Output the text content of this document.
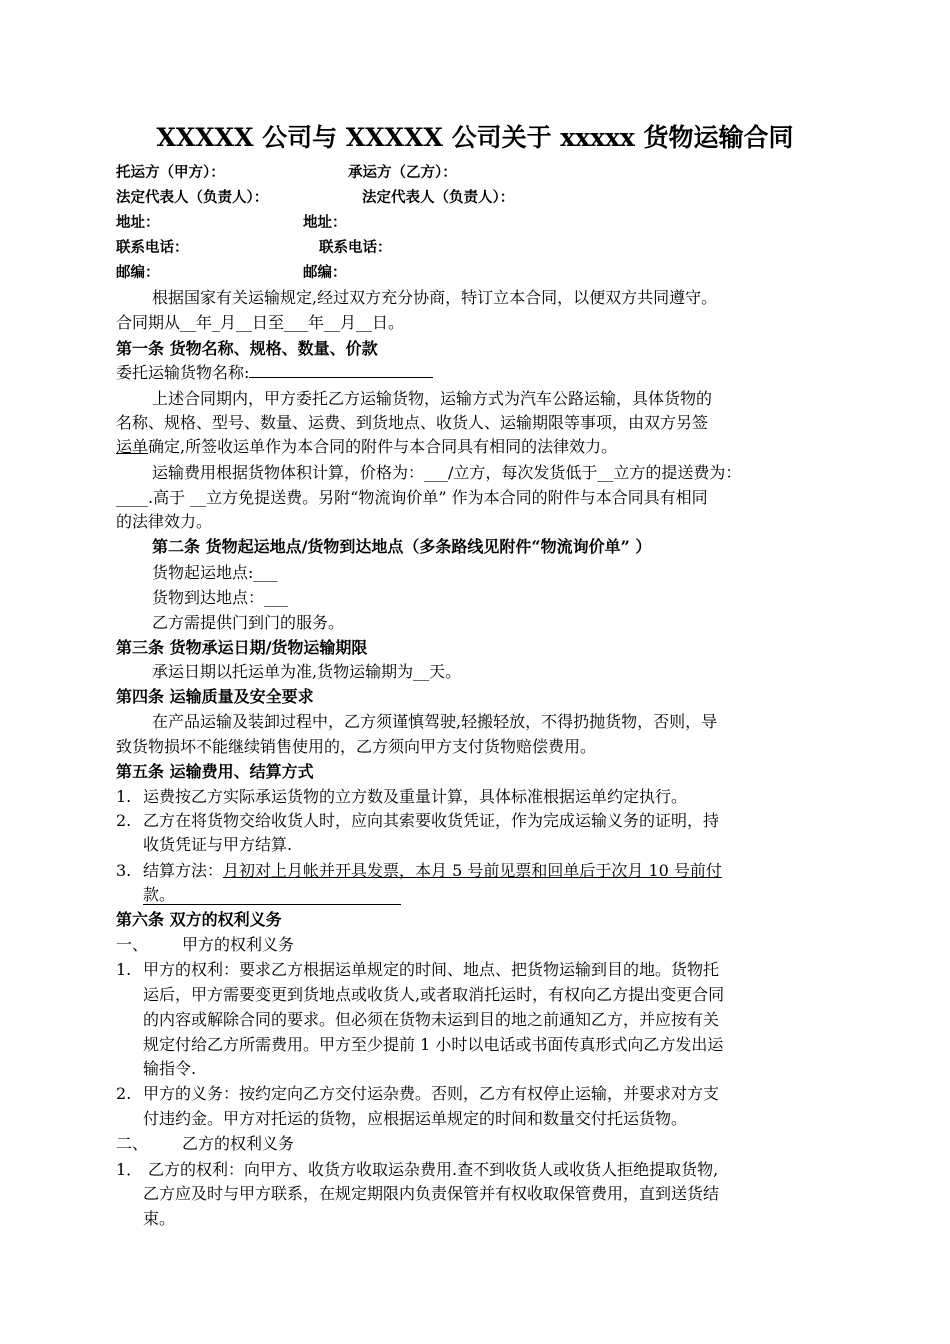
XXXXX 公司与 XXXXX 公司关于 xxxxx 货物运输合同
托运方（甲方）：	承运方（乙方）：
法定代表人（负责人）：	法定代表人（负责人）：
地址：	地址：
联系电话：	联系电话：
邮编：	邮编：
根据国家有关运输规定,经过双方充分协商，特订立本合同，以便双方共同遵守。
合同期从__年_月__日至___年__月__日。
第一条 货物名称、规格、数量、价款
委托运输货物名称:
上述合同期内，甲方委托乙方运输货物，运输方式为汽车公路运输，具体货物的
名称、规格、型号、数量、运费、到货地点、收货人、运输期限等事项，由双方另签
运单确定,所签收运单作为本合同的附件与本合同具有相同的法律效力。
运输费用根据货物体积计算，价格为：___/立方，每次发货低于__立方的提送费为：
____.高于 __立方免提送费。另附“物流询价单” 作为本合同的附件与本合同具有相同
的法律效力。
第二条 货物起运地点/货物到达地点（多条路线见附件“物流询价单” ）
货物起运地点:___
货物到达地点：___
乙方需提供门到门的服务。
第三条 货物承运日期/货物运输期限
承运日期以托运单为准,货物运输期为__天。
第四条 运输质量及安全要求
在产品运输及装卸过程中，乙方须谨慎驾驶,轻搬轻放，不得扔抛货物，否则，导
致货物损坏不能继续销售使用的，乙方须向甲方支付货物赔偿费用。
第五条 运输费用、结算方式
1. 运费按乙方实际承运货物的立方数及重量计算，具体标准根据运单约定执行。
2. 乙方在将货物交给收货人时，应向其索要收货凭证，作为完成运输义务的证明，持
收货凭证与甲方结算.
3. 结算方法：月初对上月帐并开具发票，本月 5 号前见票和回单后于次月 10 号前付
款。
第六条 双方的权利义务
一、 甲方的权利义务
1. 甲方的权利：要求乙方根据运单规定的时间、地点、把货物运输到目的地。货物托
运后，甲方需要变更到货地点或收货人,或者取消托运时，有权向乙方提出变更合同
的内容或解除合同的要求。但必须在货物未运到目的地之前通知乙方，并应按有关
规定付给乙方所需费用。甲方至少提前 1 小时以电话或书面传真形式向乙方发出运
输指令.
2. 甲方的义务：按约定向乙方交付运杂费。否则，乙方有权停止运输，并要求对方支
付违约金。甲方对托运的货物，应根据运单规定的时间和数量交付托运货物。
二、 乙方的权利义务
1． 乙方的权利：向甲方、收货方收取运杂费用.查不到收货人或收货人拒绝提取货物,
乙方应及时与甲方联系，在规定期限内负责保管并有权收取保管费用，直到送货结
束。
